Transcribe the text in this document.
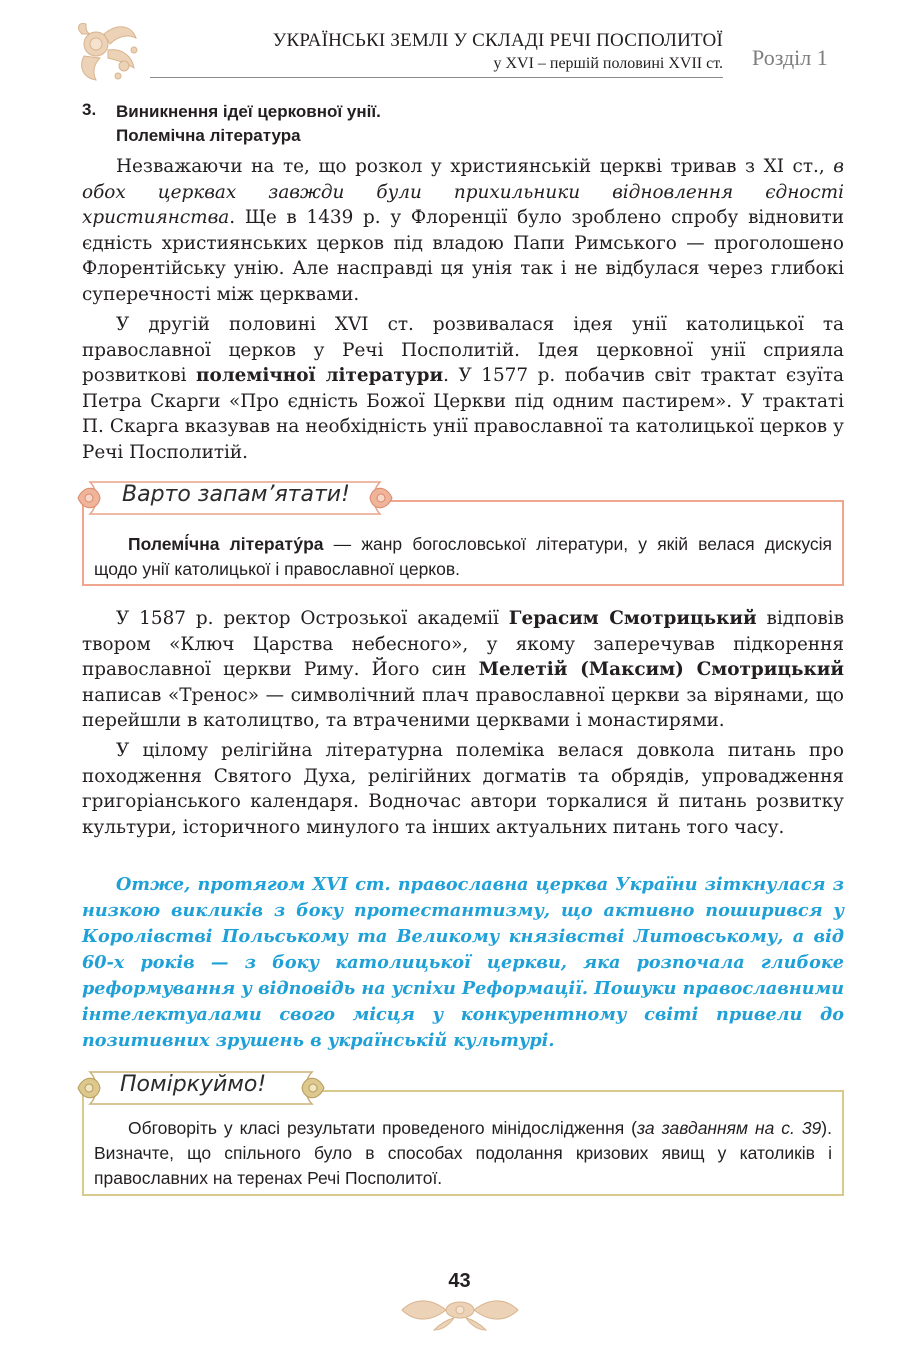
УКРАЇНСЬКІ ЗЕМЛІ У СКЛАДІ РЕЧІ ПОСПОЛИТОЇ
у XVI – першій половині XVII ст. Розділ 1
3. Виникнення ідеї церковної унії.
Полемічна література
Незважаючи на те, що розкол у християнській церкві тривав з XI ст., в обох церквах завжди були прихильники відновлення єдності християнства. Ще в 1439 р. у Флоренції було зроблено спробу відновити єдність християнських церков під владою Папи Римського — проголошено Флорентійську унію. Але насправді ця унія так і не відбулася через глибокі суперечності між церквами.
У другій половині XVI ст. розвивалася ідея унії католицької та православної церков у Речі Посполитій. Ідея церковної унії сприяла розвиткові полемічної літератури. У 1577 р. побачив світ трактат єзуїта Петра Скарги «Про єдність Божої Церкви під одним пастирем». У трактаті П. Скарга вказував на необхідність унії православної та католицької церков у Речі Посполитій.
Полемі́чна літерату́ра — жанр богословської літератури, у якій велася дискусія щодо унії католицької і православної церков.
Варто запам’ятати!
У 1587 р. ректор Острозької академії Герасим Смотрицький відповів твором «Ключ Царства небесного», у якому заперечував підкорення православної церкви Риму. Його син Мелетій (Максим) Смотрицький написав «Тренос» — символічний плач православної церкви за вірянами, що перейшли в католицтво, та втраченими церквами і монастирями.
У цілому релігійна літературна полеміка велася довкола питань про походження Святого Духа, релігійних догматів та обрядів, упровадження григоріанського календаря. Водночас автори торкалися й питань розвитку культури, історичного минулого та інших актуальних питань того часу.
Отже, протягом XVI ст. православна церква України зіткнулася з низкою викликів з боку протестантизму, що активно поширився у Королівстві Польському та Великому князівстві Литовському, а від 60-х років — з боку католицької церкви, яка розпочала глибоке реформування у відповідь на успіхи Реформації. Пошуки православними інтелектуалами свого місця у конкурентному світі привели до позитивних зрушень в українській культурі.
Обговоріть у класі результати проведеного мінідослідження (за завданням на с. 39). Визначте, що спільного було в способах подолання кризових явищ у католиків і православних на теренах Речі Посполитої.
Поміркуймо!
43
